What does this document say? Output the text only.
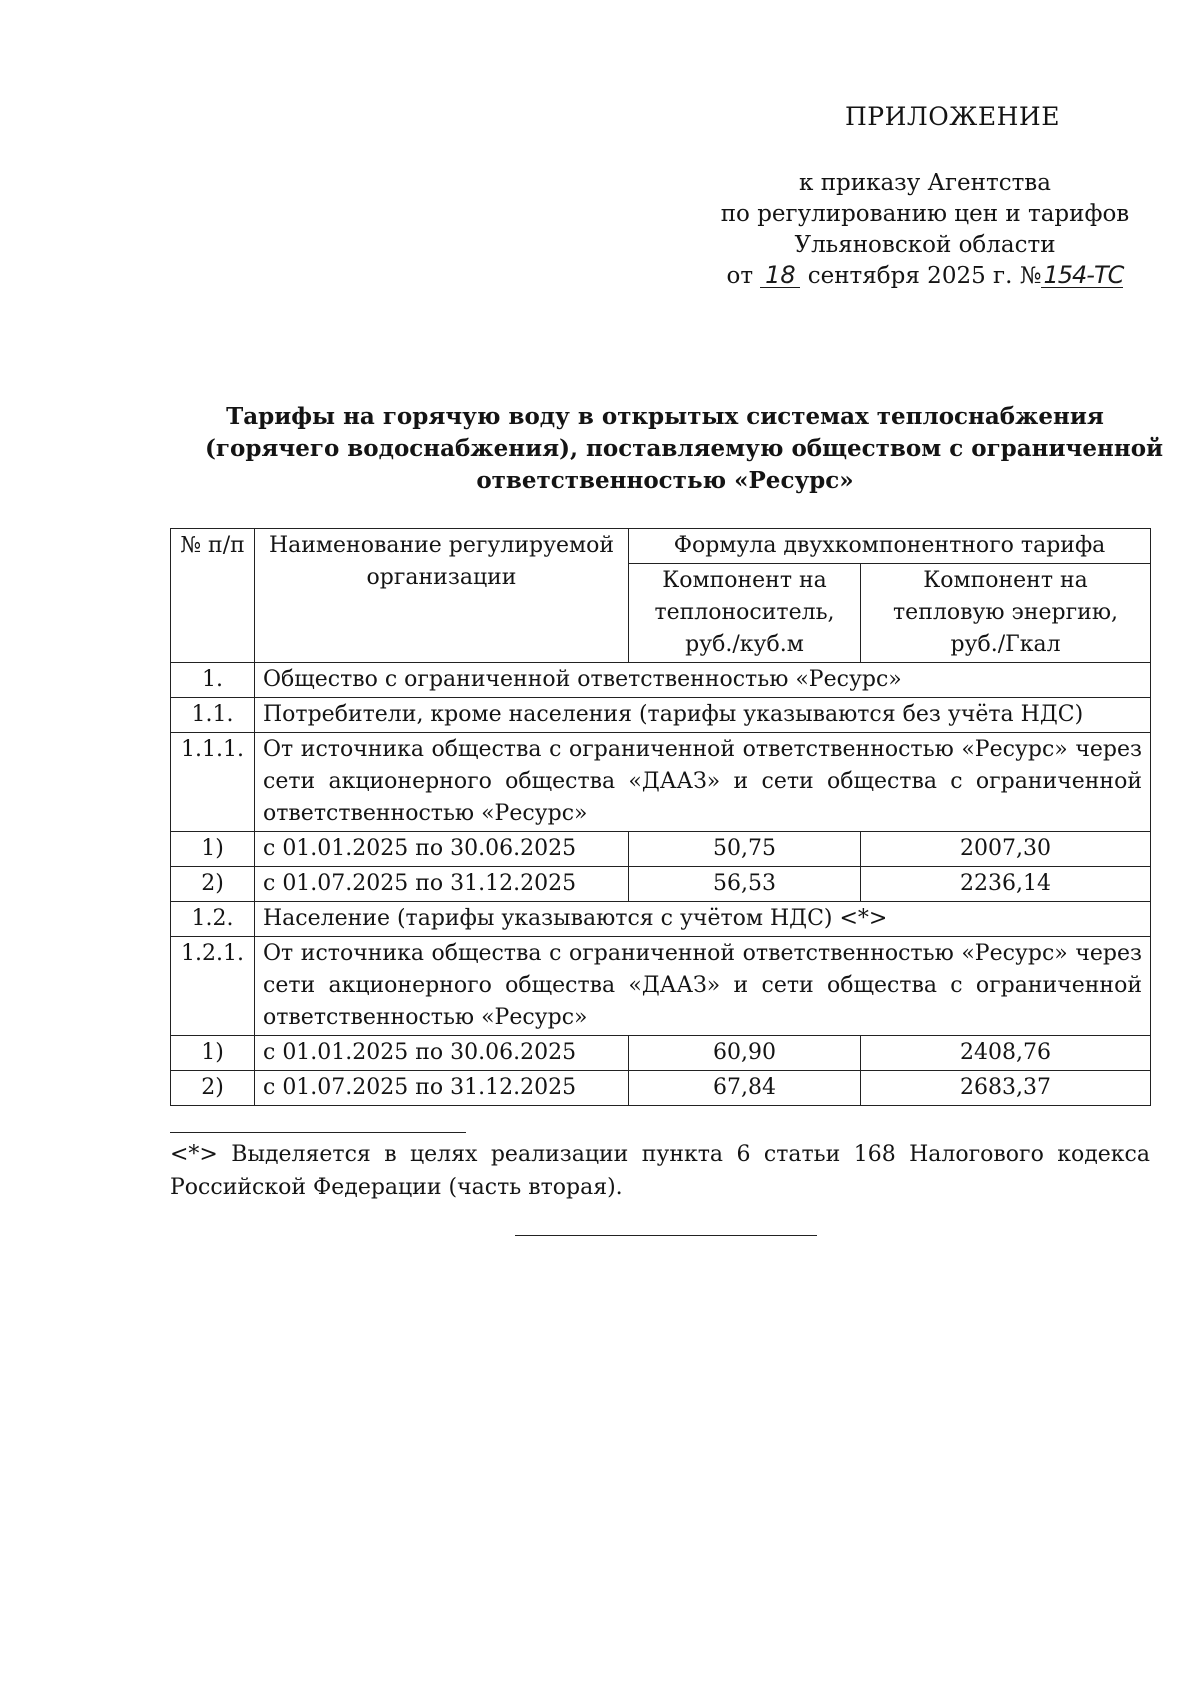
ПРИЛОЖЕНИЕ
к приказу Агентства
по регулированию цен и тарифов
Ульяновской области
от 18 сентября 2025 г. №154-ТС
Тарифы на горячую воду в открытых системах теплоснабжения
(горячего водоснабжения), поставляемую обществом с ограниченной
ответственностью «Ресурс»
№ п/п	Наименование регулируемой организации	Формула двухкомпонентного тарифа	
		Компонент на теплоноситель, руб./куб.м	Компонент на тепловую энергию, руб./Гкал
1.	Общество с ограниченной ответственностью «Ресурс»		
1.1.	Потребители, кроме населения (тарифы указываются без учёта НДС)		
1.1.1.	От источника общества с ограниченной ответственностью «Ресурс» через сети акционерного общества «ДААЗ» и сети общества с ограниченной ответственностью «Ресурс»		
1)	с 01.01.2025 по 30.06.2025	50,75	2007,30
2)	с 01.07.2025 по 31.12.2025	56,53	2236,14
1.2.	Население (тарифы указываются с учётом НДС) <*>		
1.2.1.	От источника общества с ограниченной ответственностью «Ресурс» через сети акционерного общества «ДААЗ» и сети общества с ограниченной ответственностью «Ресурс»		
1)	с 01.01.2025 по 30.06.2025	60,90	2408,76
2)	с 01.07.2025 по 31.12.2025	67,84	2683,37
<*> Выделяется в целях реализации пункта 6 статьи 168 Налогового кодекса Российской Федерации (часть вторая).
